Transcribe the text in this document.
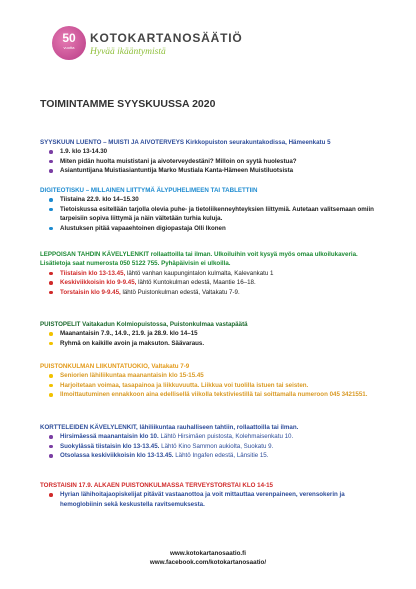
50
vuotta
KOTOKARTANOSÄÄTIÖ
Hyvää ikääntymistä
TOIMINTAMME SYYSKUUSSA 2020
SYYSKUUN LUENTO – MUISTI JA AIVOTERVEYS Kirkkopuiston seurakuntakodissa, Hämeenkatu 5
1.9. klo 13-14.30
Miten pidän huolta muististani ja aivoterveydestäni? Milloin on syytä huolestua?
Asiantuntijana Muistiasiantuntija Marko Mustiala Kanta-Hämeen Muistiluotsista
DIGITEOTISKU – MILLAINEN LIITTYMÄ ÄLYPUHELIMEEN TAI TABLETTIIN
Tiistaina 22.9. klo 14–15.30
Tietoiskussa esitellään tarjolla olevia puhe- ja tietoliikenneyhteyksien liittymiä. Autetaan valitsemaan omiin tarpeisiin sopiva liittymä ja näin vältetään turhia kuluja.
Alustuksen pitää vapaaehtoinen digiopastaja Olli Ikonen
LEPPOISAN TAHDIN KÄVELYLENKIT rollaattoilla tai ilman. Ulkoiluihin voit kysyä myös omaa ulkoilukaveria. Lisätietoja saat numerosta 050 5122 755. Pyhäpäivisin ei ulkoilla.
Tiistaisin klo 13-13.45, lähtö vanhan kaupungintalon kulmalta, Kalevankatu 1
Keskiviikkoisin klo 9-9.45, lähtö Kuntokulman edestä, Maantie 16–18.
Torstaisin klo 9-9.45, lähtö Puistonkulman edestä, Valtakatu 7-9.
PUISTOPELIT Vaitakadun Kolmiopuistossa, Puistonkulmaa vastapäätä
Maanantaisin 7.9., 14.9., 21.9. ja 28.9. klo 14–15
Ryhmä on kaikille avoin ja maksuton. Säävaraus.
PUISTONKULMAN LIIKUNTATUOKIO, Valtakatu 7-9
Seniorien lähiliikuntaa maanantaisin klo 15-15.45
Harjoitetaan voimaa, tasapainoa ja liikkuvuutta. Liikkua voi tuolilla istuen tai seisten.
Ilmoittautuminen ennakkoon aina edellisellä viikolla tekstiviestillä tai soittamalla numeroon 045 3421551.
KORTTELEIDEN KÄVELYLENKIT, lähiliikuntaa rauhalliseen tahtiin, rollaattoilla tai ilman.
Hirsimäessä maanantaisin klo 10. Lähtö Hirsimäen puistosta, Kolehmaisenkatu 10.
Suokylässä tiistaisin klo 13-13.45. Lähtö Kino Sammon aukiolta, Suokatu 9.
Otsolassa keskiviikkoisin klo 13-13.45. Lähtö Ingafen edestä, Länsitie 15.
TORSTAISIN 17.9. ALKAEN PUISTONKULMASSA TERVEYSTORSTAI KLO 14-15
Hyrian lähihoitajaopiskelijat pitävät vastaanottoa ja voit mittauttaa verenpaineen, verensokerin ja hemoglobiinin sekä keskustella ravitsemuksesta.
www.kotokartanosaatio.fi
www.facebook.com/kotokartanosaatio/
